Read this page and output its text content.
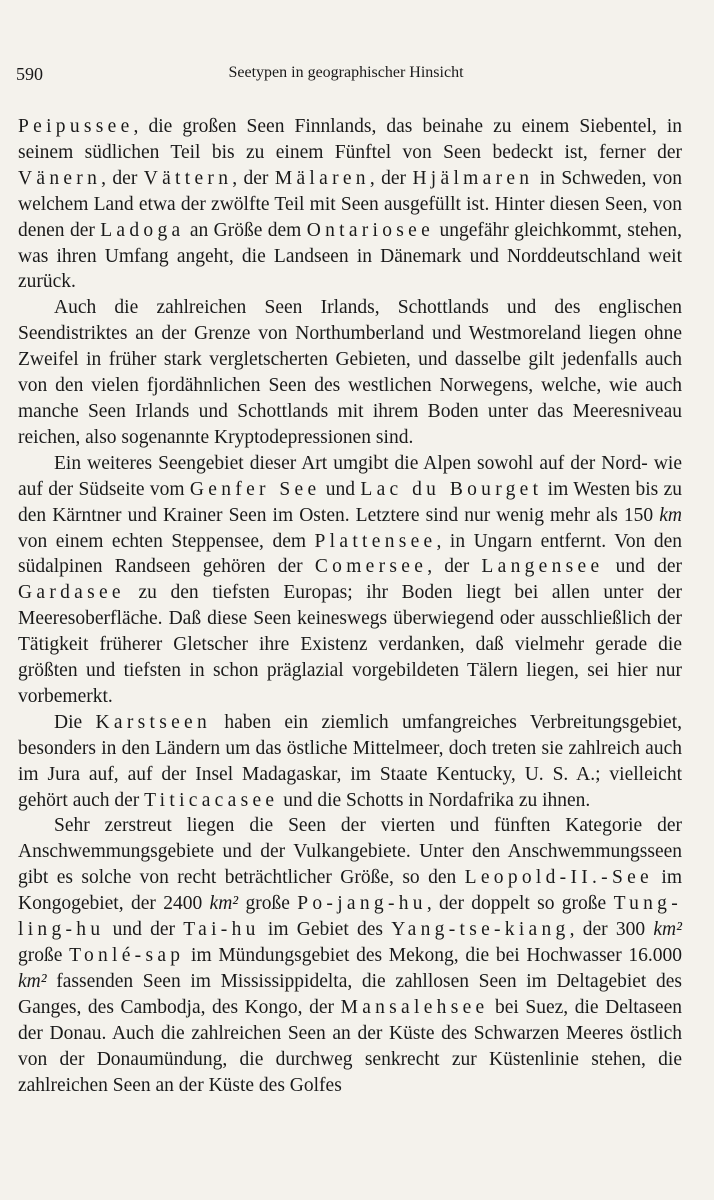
590	Seetypen in geographischer Hinsicht

Peipussee, die großen Seen Finnlands, das beinahe zu einem Siebentel, in seinem südlichen Teil bis zu einem Fünftel von Seen bedeckt ist, ferner der Vänern, der Vättern, der Mälaren, der Hjälmaren in Schweden, von welchem Land etwa der zwölfte Teil mit Seen ausgefüllt ist. Hinter diesen Seen, von denen der Ladoga an Größe dem Ontariosee ungefähr gleichkommt, stehen, was ihren Umfang angeht, die Landseen in Dänemark und Norddeutschland weit zurück.

Auch die zahlreichen Seen Irlands, Schottlands und des englischen Seendistriktes an der Grenze von Northumberland und Westmoreland liegen ohne Zweifel in früher stark vergletscherten Gebieten, und dasselbe gilt jedenfalls auch von den vielen fjordähnlichen Seen des westlichen Norwegens, welche, wie auch manche Seen Irlands und Schottlands mit ihrem Boden unter das Meeresniveau reichen, also sogenannte Kryptodepressionen sind.

Ein weiteres Seengebiet dieser Art umgibt die Alpen sowohl auf der Nord- wie auf der Südseite vom Genfer See und Lac du Bourget im Westen bis zu den Kärntner und Krainer Seen im Osten. Letztere sind nur wenig mehr als 150 km von einem echten Steppensee, dem Plattensee, in Ungarn entfernt. Von den südalpinen Randseen gehören der Comersee, der Langensee und der Gardasee zu den tiefsten Europas; ihr Boden liegt bei allen unter der Meeresoberfläche. Daß diese Seen keineswegs überwiegend oder ausschließlich der Tätigkeit früherer Gletscher ihre Existenz verdanken, daß vielmehr gerade die größten und tiefsten in schon präglazial vorgebildeten Tälern liegen, sei hier nur vorbemerkt.

Die Karstseen haben ein ziemlich umfangreiches Verbreitungsgebiet, besonders in den Ländern um das östliche Mittelmeer, doch treten sie zahlreich auch im Jura auf, auf der Insel Madagaskar, im Staate Kentucky, U. S. A.; vielleicht gehört auch der Titicacasee und die Schotts in Nordafrika zu ihnen.

Sehr zerstreut liegen die Seen der vierten und fünften Kategorie der Anschwemmungsgebiete und der Vulkangebiete. Unter den Anschwemmungsseen gibt es solche von recht beträchtlicher Größe, so den Leopold-II.-See im Kongogebiet, der 2400 km² große Po-jang-hu, der doppelt so große Tung-ling-hu und der Tai-hu im Gebiet des Yang-tse-kiang, der 300 km² große Tonlé-sap im Mündungsgebiet des Mekong, die bei Hochwasser 16.000 km² fassenden Seen im Mississippidelta, die zahllosen Seen im Deltagebiet des Ganges, des Cambodja, des Kongo, der Mansalehsee bei Suez, die Deltaseen der Donau. Auch die zahlreichen Seen an der Küste des Schwarzen Meeres östlich von der Donaumündung, die durchweg senkrecht zur Küstenlinie stehen, die zahlreichen Seen an der Küste des Golfes
